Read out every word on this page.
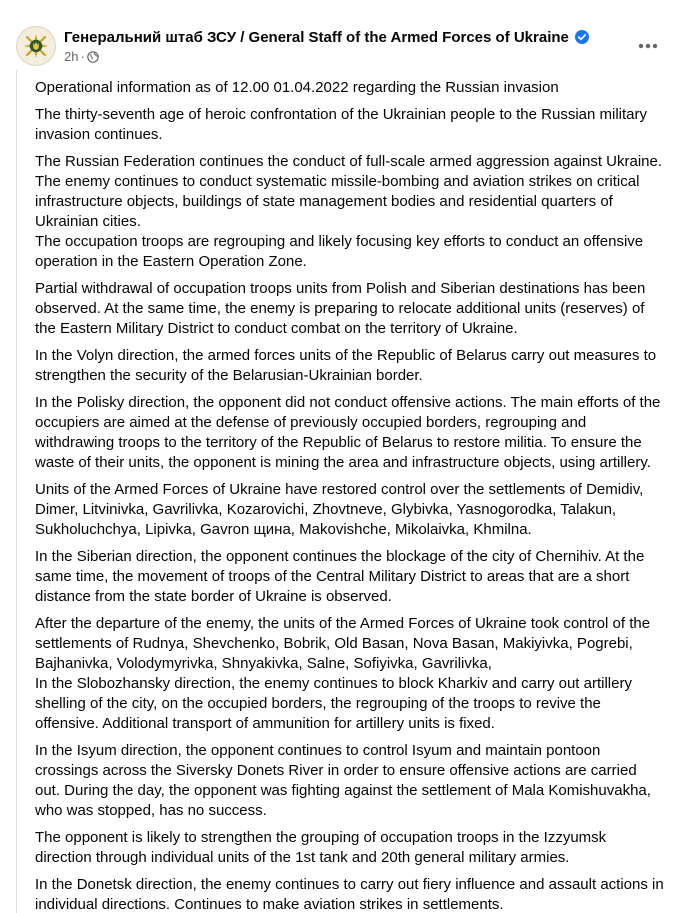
Генеральний штаб ЗСУ / General Staff of the Armed Forces of Ukraine
2h ·

Operational information as of 12.00 01.04.2022 regarding the Russian invasion

The thirty-seventh age of heroic confrontation of the Ukrainian people to the Russian military invasion continues.

The Russian Federation continues the conduct of full-scale armed aggression against Ukraine. The enemy continues to conduct systematic missile-bombing and aviation strikes on critical infrastructure objects, buildings of state management bodies and residential quarters of Ukrainian cities.
The occupation troops are regrouping and likely focusing key efforts to conduct an offensive operation in the Eastern Operation Zone.

Partial withdrawal of occupation troops units from Polish and Siberian destinations has been observed. At the same time, the enemy is preparing to relocate additional units (reserves) of the Eastern Military District to conduct combat on the territory of Ukraine.

In the Volyn direction, the armed forces units of the Republic of Belarus carry out measures to strengthen the security of the Belarusian-Ukrainian border.

In the Polisky direction, the opponent did not conduct offensive actions. The main efforts of the occupiers are aimed at the defense of previously occupied borders, regrouping and withdrawing troops to the territory of the Republic of Belarus to restore militia. To ensure the waste of their units, the opponent is mining the area and infrastructure objects, using artillery.

Units of the Armed Forces of Ukraine have restored control over the settlements of Demidiv, Dimer, Litvinivka, Gavrilivka, Kozarovichi, Zhovtneve, Glybivka, Yasnogorodka, Talakun, Sukholuchchya, Lipivka, Gavron щина, Makovishche, Mikolaivka, Khmilna.

In the Siberian direction, the opponent continues the blockage of the city of Chernihiv. At the same time, the movement of troops of the Central Military District to areas that are a short distance from the state border of Ukraine is observed.

After the departure of the enemy, the units of the Armed Forces of Ukraine took control of the settlements of Rudnya, Shevchenko, Bobrik, Old Basan, Nova Basan, Makiyivka, Pogrebi, Bajhanivka, Volodymyrivka, Shnyakivka, Salne, Sofiyivka, Gavrilivka,
In the Slobozhansky direction, the enemy continues to block Kharkiv and carry out artillery shelling of the city, on the occupied borders, the regrouping of the troops to revive the offensive. Additional transport of ammunition for artillery units is fixed.

In the Isyum direction, the opponent continues to control Isyum and maintain pontoon crossings across the Siversky Donets River in order to ensure offensive actions are carried out. During the day, the opponent was fighting against the settlement of Mala Komishuvakha, who was stopped, has no success.

The opponent is likely to strengthen the grouping of occupation troops in the Izzyumsk direction through individual units of the 1st tank and 20th general military armies.

In the Donetsk direction, the enemy continues to carry out fiery influence and assault actions in individual directions. Continues to make aviation strikes in settlements.
